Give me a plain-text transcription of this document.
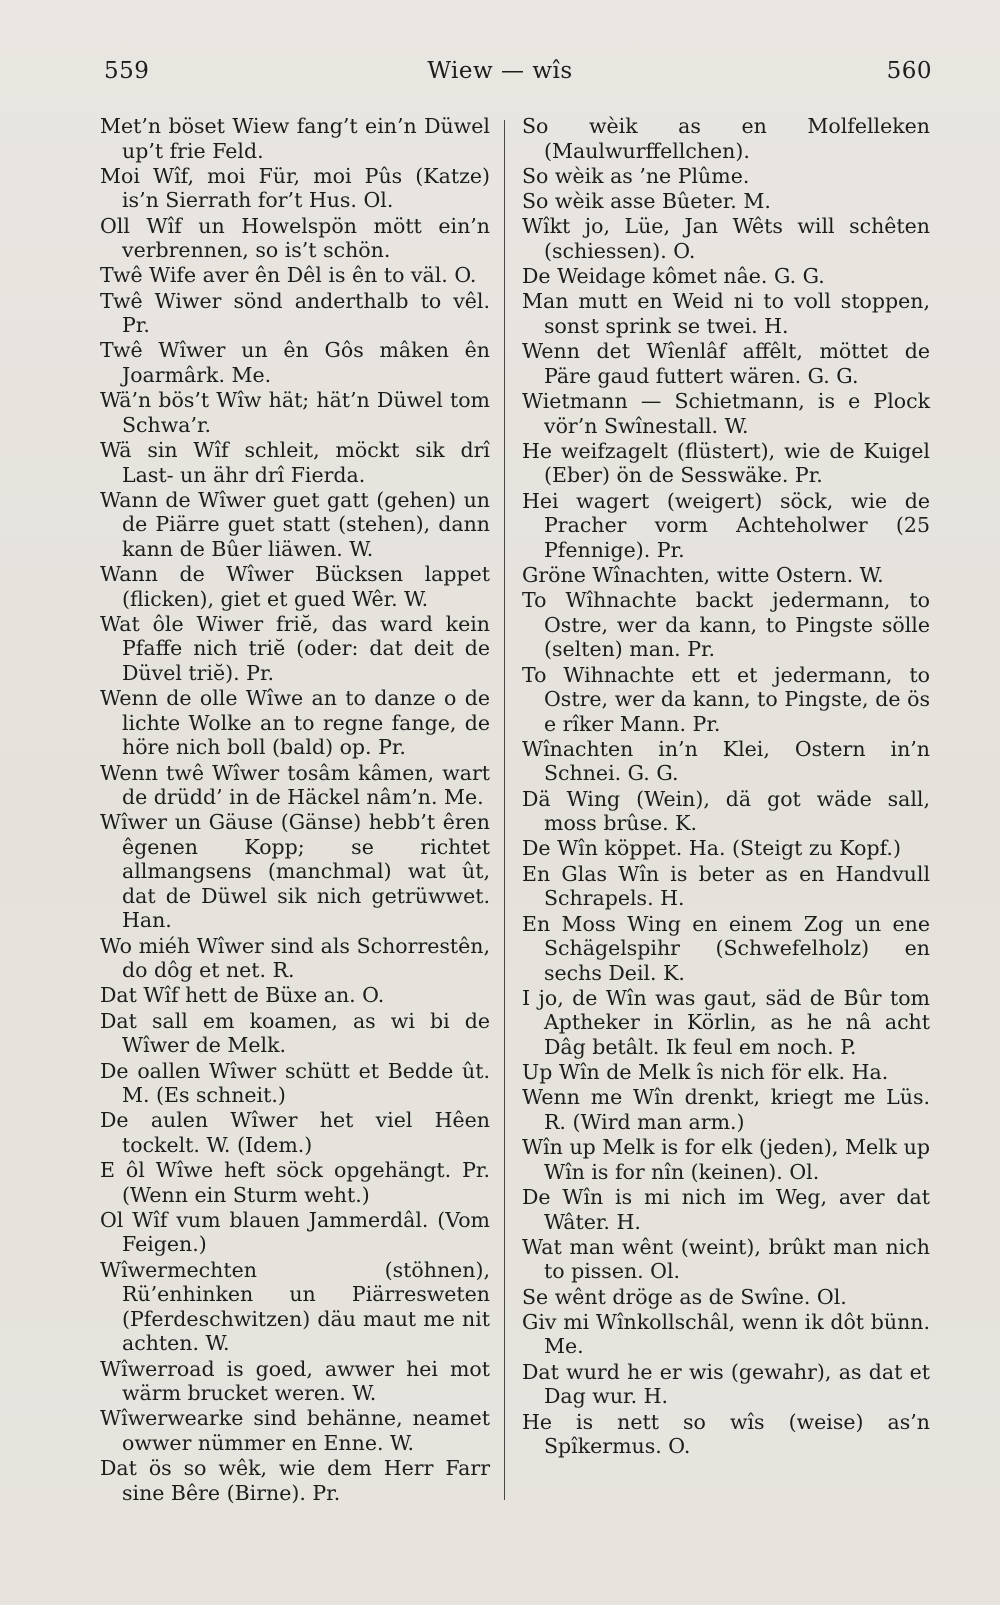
559	Wiew — wîs	560
Met’n böset Wiew fang’t ein’n Düwel up’t frie Feld.
Moi Wîf, moi Für, moi Pûs (Katze) is’n Sierrath for’t Hus. Ol.
Oll Wîf un Howelspön mött ein’n verbrennen, so is’t schön.
Twê Wife aver ên Dêl is ên to väl. O.
Twê Wiwer sönd anderthalb to vêl. Pr.
Twê Wîwer un ên Gôs mâken ên Joarmârk. Me.
Wä’n bös’t Wîw hät; hät’n Düwel tom Schwa’r.
Wä sin Wîf schleit, möckt sik drî Last- un ähr drî Fierda.
Wann de Wîwer guet gatt (gehen) un de Piärre guet statt (stehen), dann kann de Bûer liäwen. W.
Wann de Wîwer Bücksen lappet (flicken), giet et gued Wêr. W.
Wat ôle Wiwer friĕ, das ward kein Pfaffe nich triĕ (oder: dat deit de Düvel triĕ). Pr.
Wenn de olle Wîwe an to danze o de lichte Wolke an to regne fange, de höre nich boll (bald) op. Pr.
Wenn twê Wîwer tosâm kâmen, wart de drüdd’ in de Häckel nâm’n. Me.
Wîwer un Gäuse (Gänse) hebb’t êren êgenen Kopp; se richtet allmangsens (manchmal) wat ût, dat de Düwel sik nich getrüwwet. Han.
Wo miéh Wîwer sind als Schorrestên, do dôg et net. R.
Dat Wîf hett de Büxe an. O.
Dat sall em koamen, as wi bi de Wîwer de Melk.
De oallen Wîwer schütt et Bedde ût. M. (Es schneit.)
De aulen Wîwer het viel Hêen tockelt. W. (Idem.)
E ôl Wîwe heft söck opgehängt. Pr. (Wenn ein Sturm weht.)
Ol Wîf vum blauen Jammerdâl. (Vom Feigen.)
Wîwermechten (stöhnen), Rü’enhinken un Piärresweten (Pferdeschwitzen) däu maut me nit achten. W.
Wîwerroad is goed, awwer hei mot wärm brucket weren. W.
Wîwerwearke sind behänne, neamet owwer nümmer en Enne. W.
Dat ös so wêk, wie dem Herr Farr sine Bêre (Birne). Pr.
So wèik as en Molfelleken (Maulwurffellchen).
So wèik as ’ne Plûme.
So wèik asse Bûeter. M.
Wîkt jo, Lüe, Jan Wêts will schêten (schiessen). O.
De Weidage kômet nâe. G. G.
Man mutt en Weid ni to voll stoppen, sonst sprink se twei. H.
Wenn det Wîenlâf affêlt, möttet de Päre gaud futtert wären. G. G.
Wietmann — Schietmann, is e Plock vör’n Swînestall. W.
He weifzagelt (flüstert), wie de Kuigel (Eber) ön de Sesswäke. Pr.
Hei wagert (weigert) söck, wie de Pracher vorm Achteholwer (25 Pfennige). Pr.
Gröne Wînachten, witte Ostern. W.
To Wîhnachte backt jedermann, to Ostre, wer da kann, to Pingste sölle (selten) man. Pr.
To Wihnachte ett et jedermann, to Ostre, wer da kann, to Pingste, de ös e rîker Mann. Pr.
Wînachten in’n Klei, Ostern in’n Schnei. G. G.
Dä Wing (Wein), dä got wäde sall, moss brûse. K.
De Wîn köppet. Ha. (Steigt zu Kopf.)
En Glas Wîn is beter as en Handvull Schrapels. H.
En Moss Wing en einem Zog un ene Schägelspihr (Schwefelholz) en sechs Deil. K.
I jo, de Wîn was gaut, säd de Bûr tom Aptheker in Körlin, as he nâ acht Dâg betâlt. Ik feul em noch. P.
Up Wîn de Melk îs nich för elk. Ha.
Wenn me Wîn drenkt, kriegt me Lüs. R. (Wird man arm.)
Wîn up Melk is for elk (jeden), Melk up Wîn is for nîn (keinen). Ol.
De Wîn is mi nich im Weg, aver dat Wâter. H.
Wat man wênt (weint), brûkt man nich to pissen. Ol.
Se wênt dröge as de Swîne. Ol.
Giv mi Wînkollschâl, wenn ik dôt bünn. Me.
Dat wurd he er wis (gewahr), as dat et Dag wur. H.
He is nett so wîs (weise) as’n Spîkermus. O.
